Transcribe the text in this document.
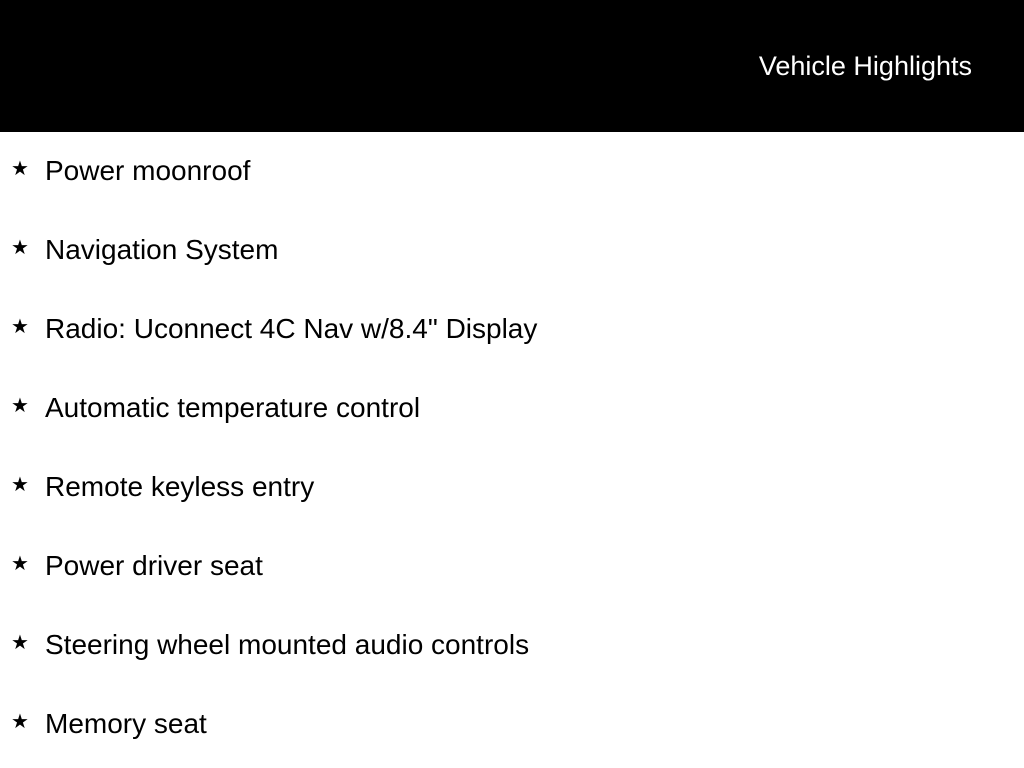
Vehicle Highlights
★ Power moonroof
★ Navigation System
★ Radio: Uconnect 4C Nav w/8.4" Display
★ Automatic temperature control
★ Remote keyless entry
★ Power driver seat
★ Steering wheel mounted audio controls
★ Memory seat
